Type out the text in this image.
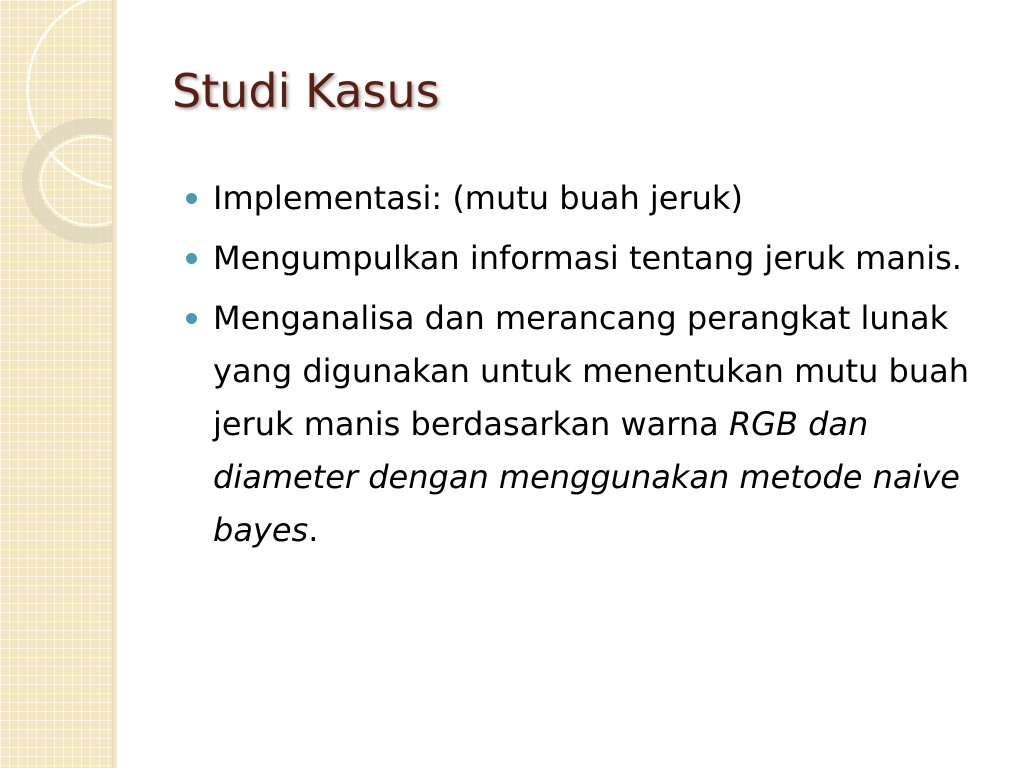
Studi Kasus
Implementasi: (mutu buah jeruk)
Mengumpulkan informasi tentang jeruk manis.
Menganalisa dan merancang perangkat lunak yang digunakan untuk menentukan mutu buah jeruk manis berdasarkan warna RGB dan diameter dengan menggunakan metode naive bayes.
